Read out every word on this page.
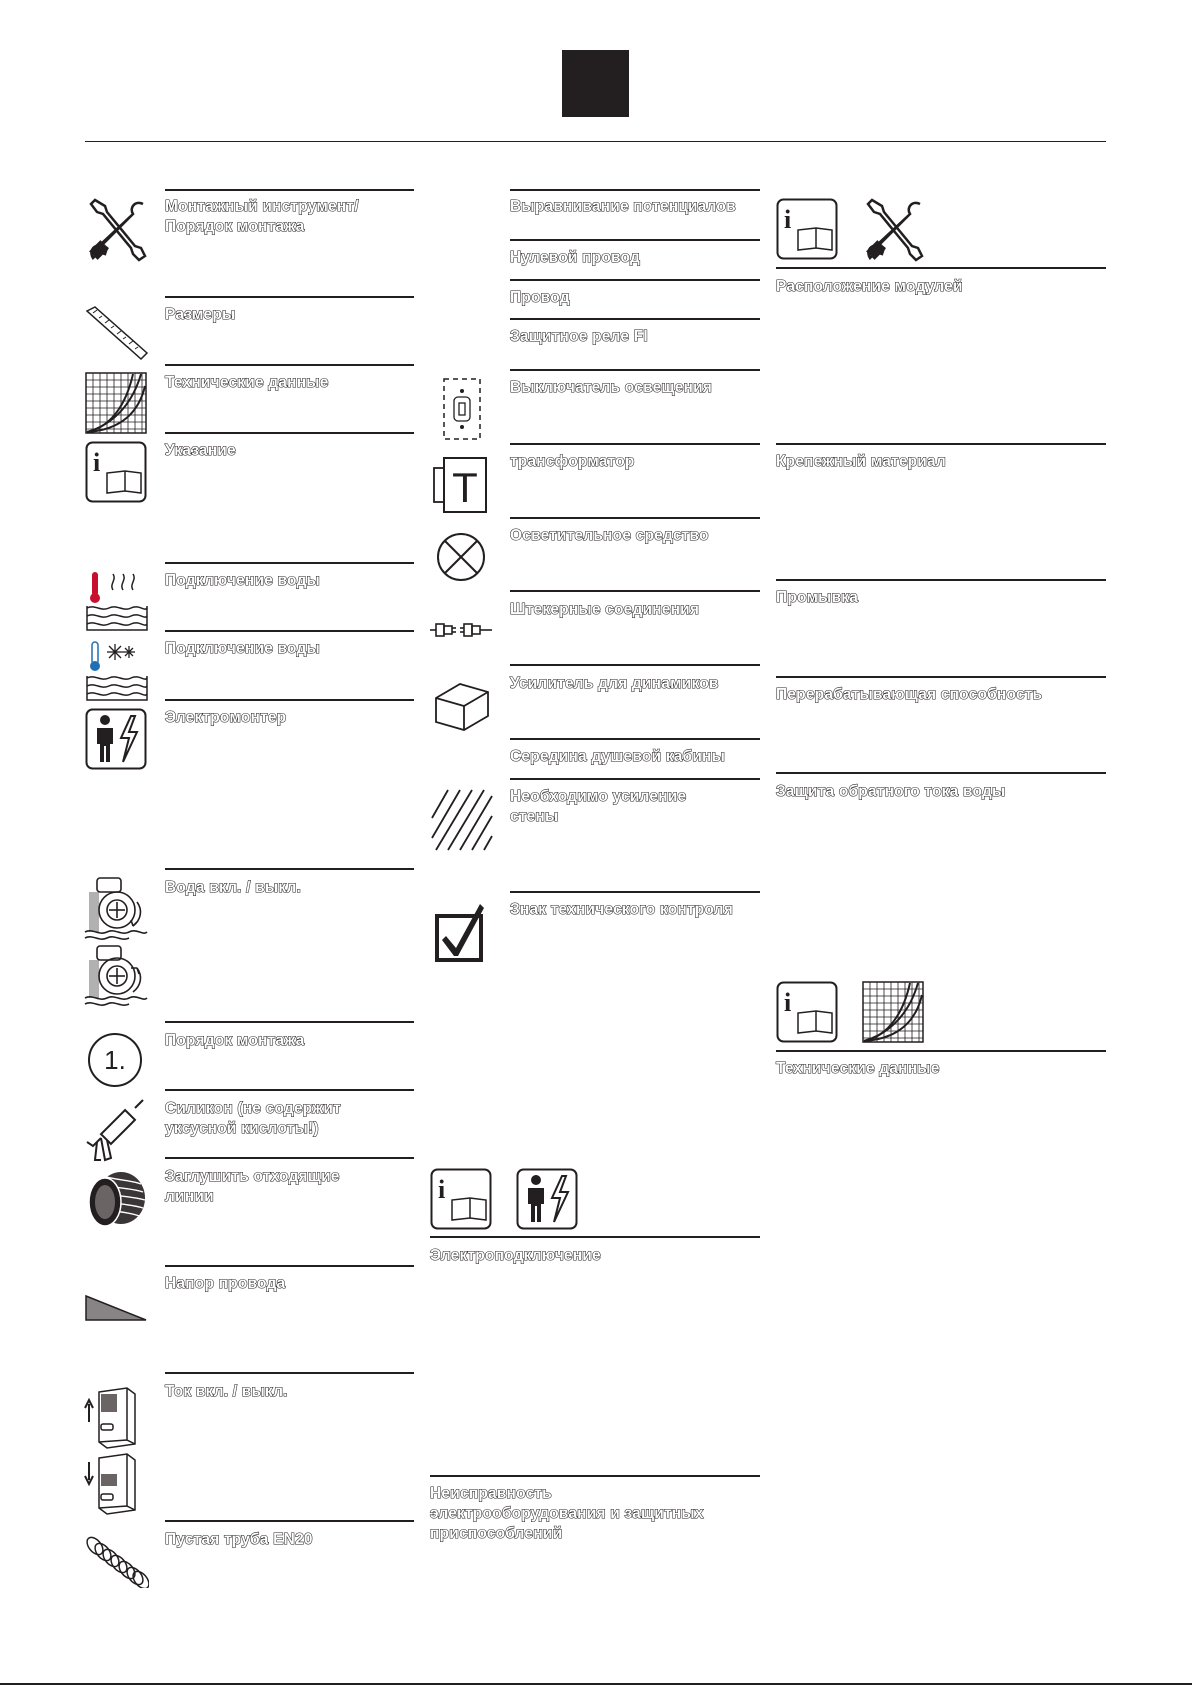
Монтажный инструмент/
Порядок монтажа
Размеры
Технические данные
i	Указание
Подключение воды
Подключение воды
Электромонтер
Вода вкл. / выкл.
1.
Порядок монтажа
Силикон (не содержит
уксусной кислоты!)
Заглушить отходящие
линии
Напор провода
Ток вкл. / выкл.
Пустая труба EN20
Выравнивание потенциалов
Нулевой провод
Провод
Защитное реле FI
Выключатель освещения
T
трансформатор
Осветительное средство
Штекерные соединения
Усилитель для динамиков
Середина душевой кабины
Необходимо усиление
стены
Знак технического контроля
i
Электроподключение
Неисправность
электрооборудования и защитных
приспособлений
i
Расположение модулей
Крепежный материал
Промывка
Перерабатывающая способность
Защита обратного тока воды
i
Технические данные
